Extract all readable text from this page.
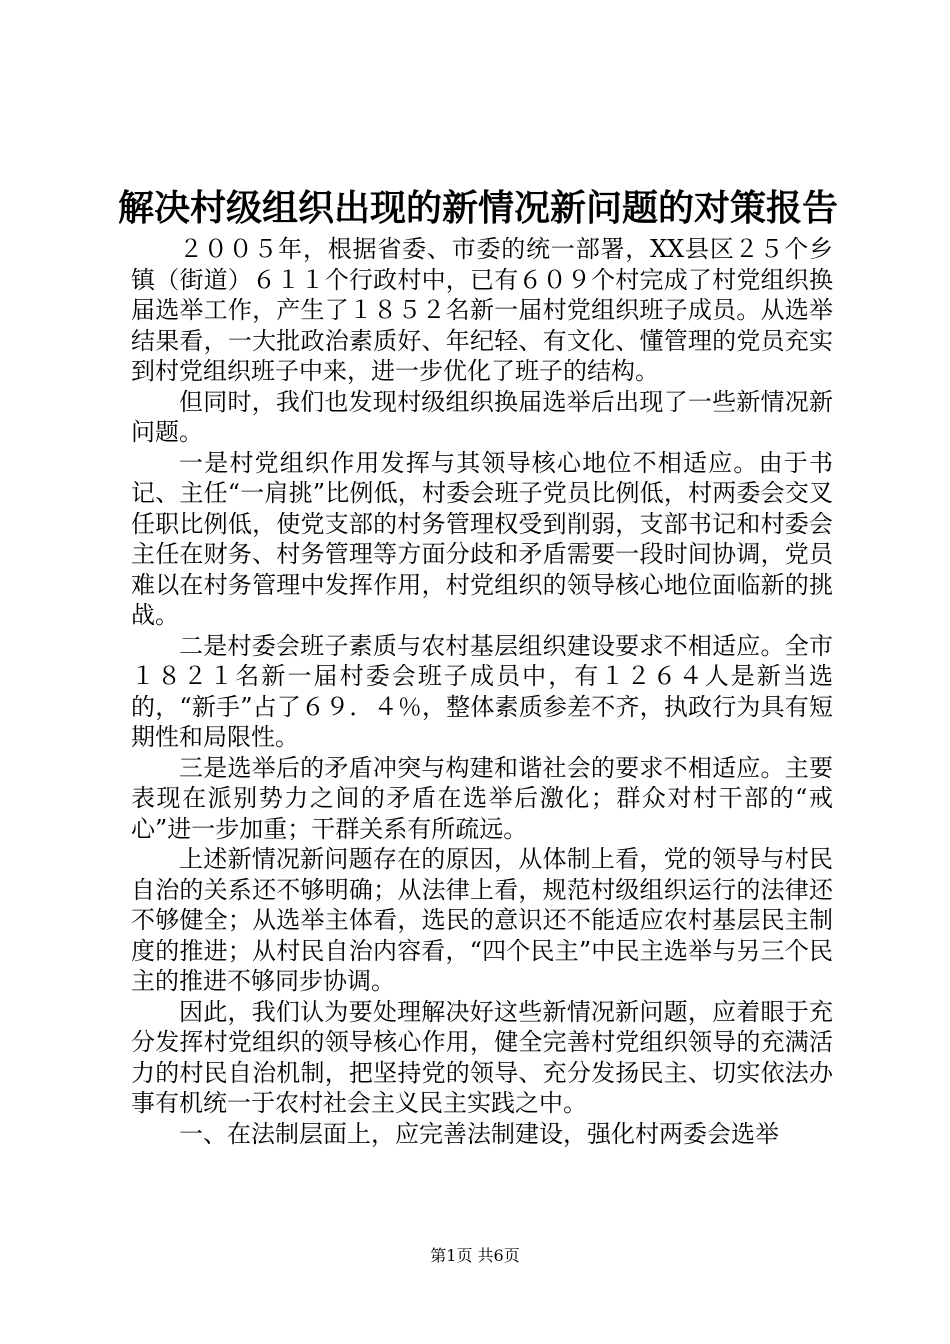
解决村级组织出现的新情况新问题的对策报告

２００５年，根据省委、市委的统一部署，XX县区２５个乡镇（街道）６１１个行政村中，已有６０９个村完成了村党组织换届选举工作，产生了１８５２名新一届村党组织班子成员。从选举结果看，一大批政治素质好、年纪轻、有文化、懂管理的党员充实到村党组织班子中来，进一步优化了班子的结构。

但同时，我们也发现村级组织换届选举后出现了一些新情况新问题。

一是村党组织作用发挥与其领导核心地位不相适应。由于书记、主任“一肩挑”比例低，村委会班子党员比例低，村两委会交叉任职比例低，使党支部的村务管理权受到削弱，支部书记和村委会主任在财务、村务管理等方面分歧和矛盾需要一段时间协调，党员难以在村务管理中发挥作用，村党组织的领导核心地位面临新的挑战。

二是村委会班子素质与农村基层组织建设要求不相适应。全市１８２１名新一届村委会班子成员中，有１２６４人是新当选的，“新手”占了６９．４％，整体素质参差不齐，执政行为具有短期性和局限性。

三是选举后的矛盾冲突与构建和谐社会的要求不相适应。主要表现在派别势力之间的矛盾在选举后激化；群众对村干部的“戒心”进一步加重；干群关系有所疏远。

上述新情况新问题存在的原因，从体制上看，党的领导与村民自治的关系还不够明确；从法律上看，规范村级组织运行的法律还不够健全；从选举主体看，选民的意识还不能适应农村基层民主制度的推进；从村民自治内容看，“四个民主”中民主选举与另三个民主的推进不够同步协调。

因此，我们认为要处理解决好这些新情况新问题，应着眼于充分发挥村党组织的领导核心作用，健全完善村党组织领导的充满活力的村民自治机制，把坚持党的领导、充分发扬民主、切实依法办事有机统一于农村社会主义民主实践之中。

一、在法制层面上，应完善法制建设，强化村两委会选举

第1页 共6页
